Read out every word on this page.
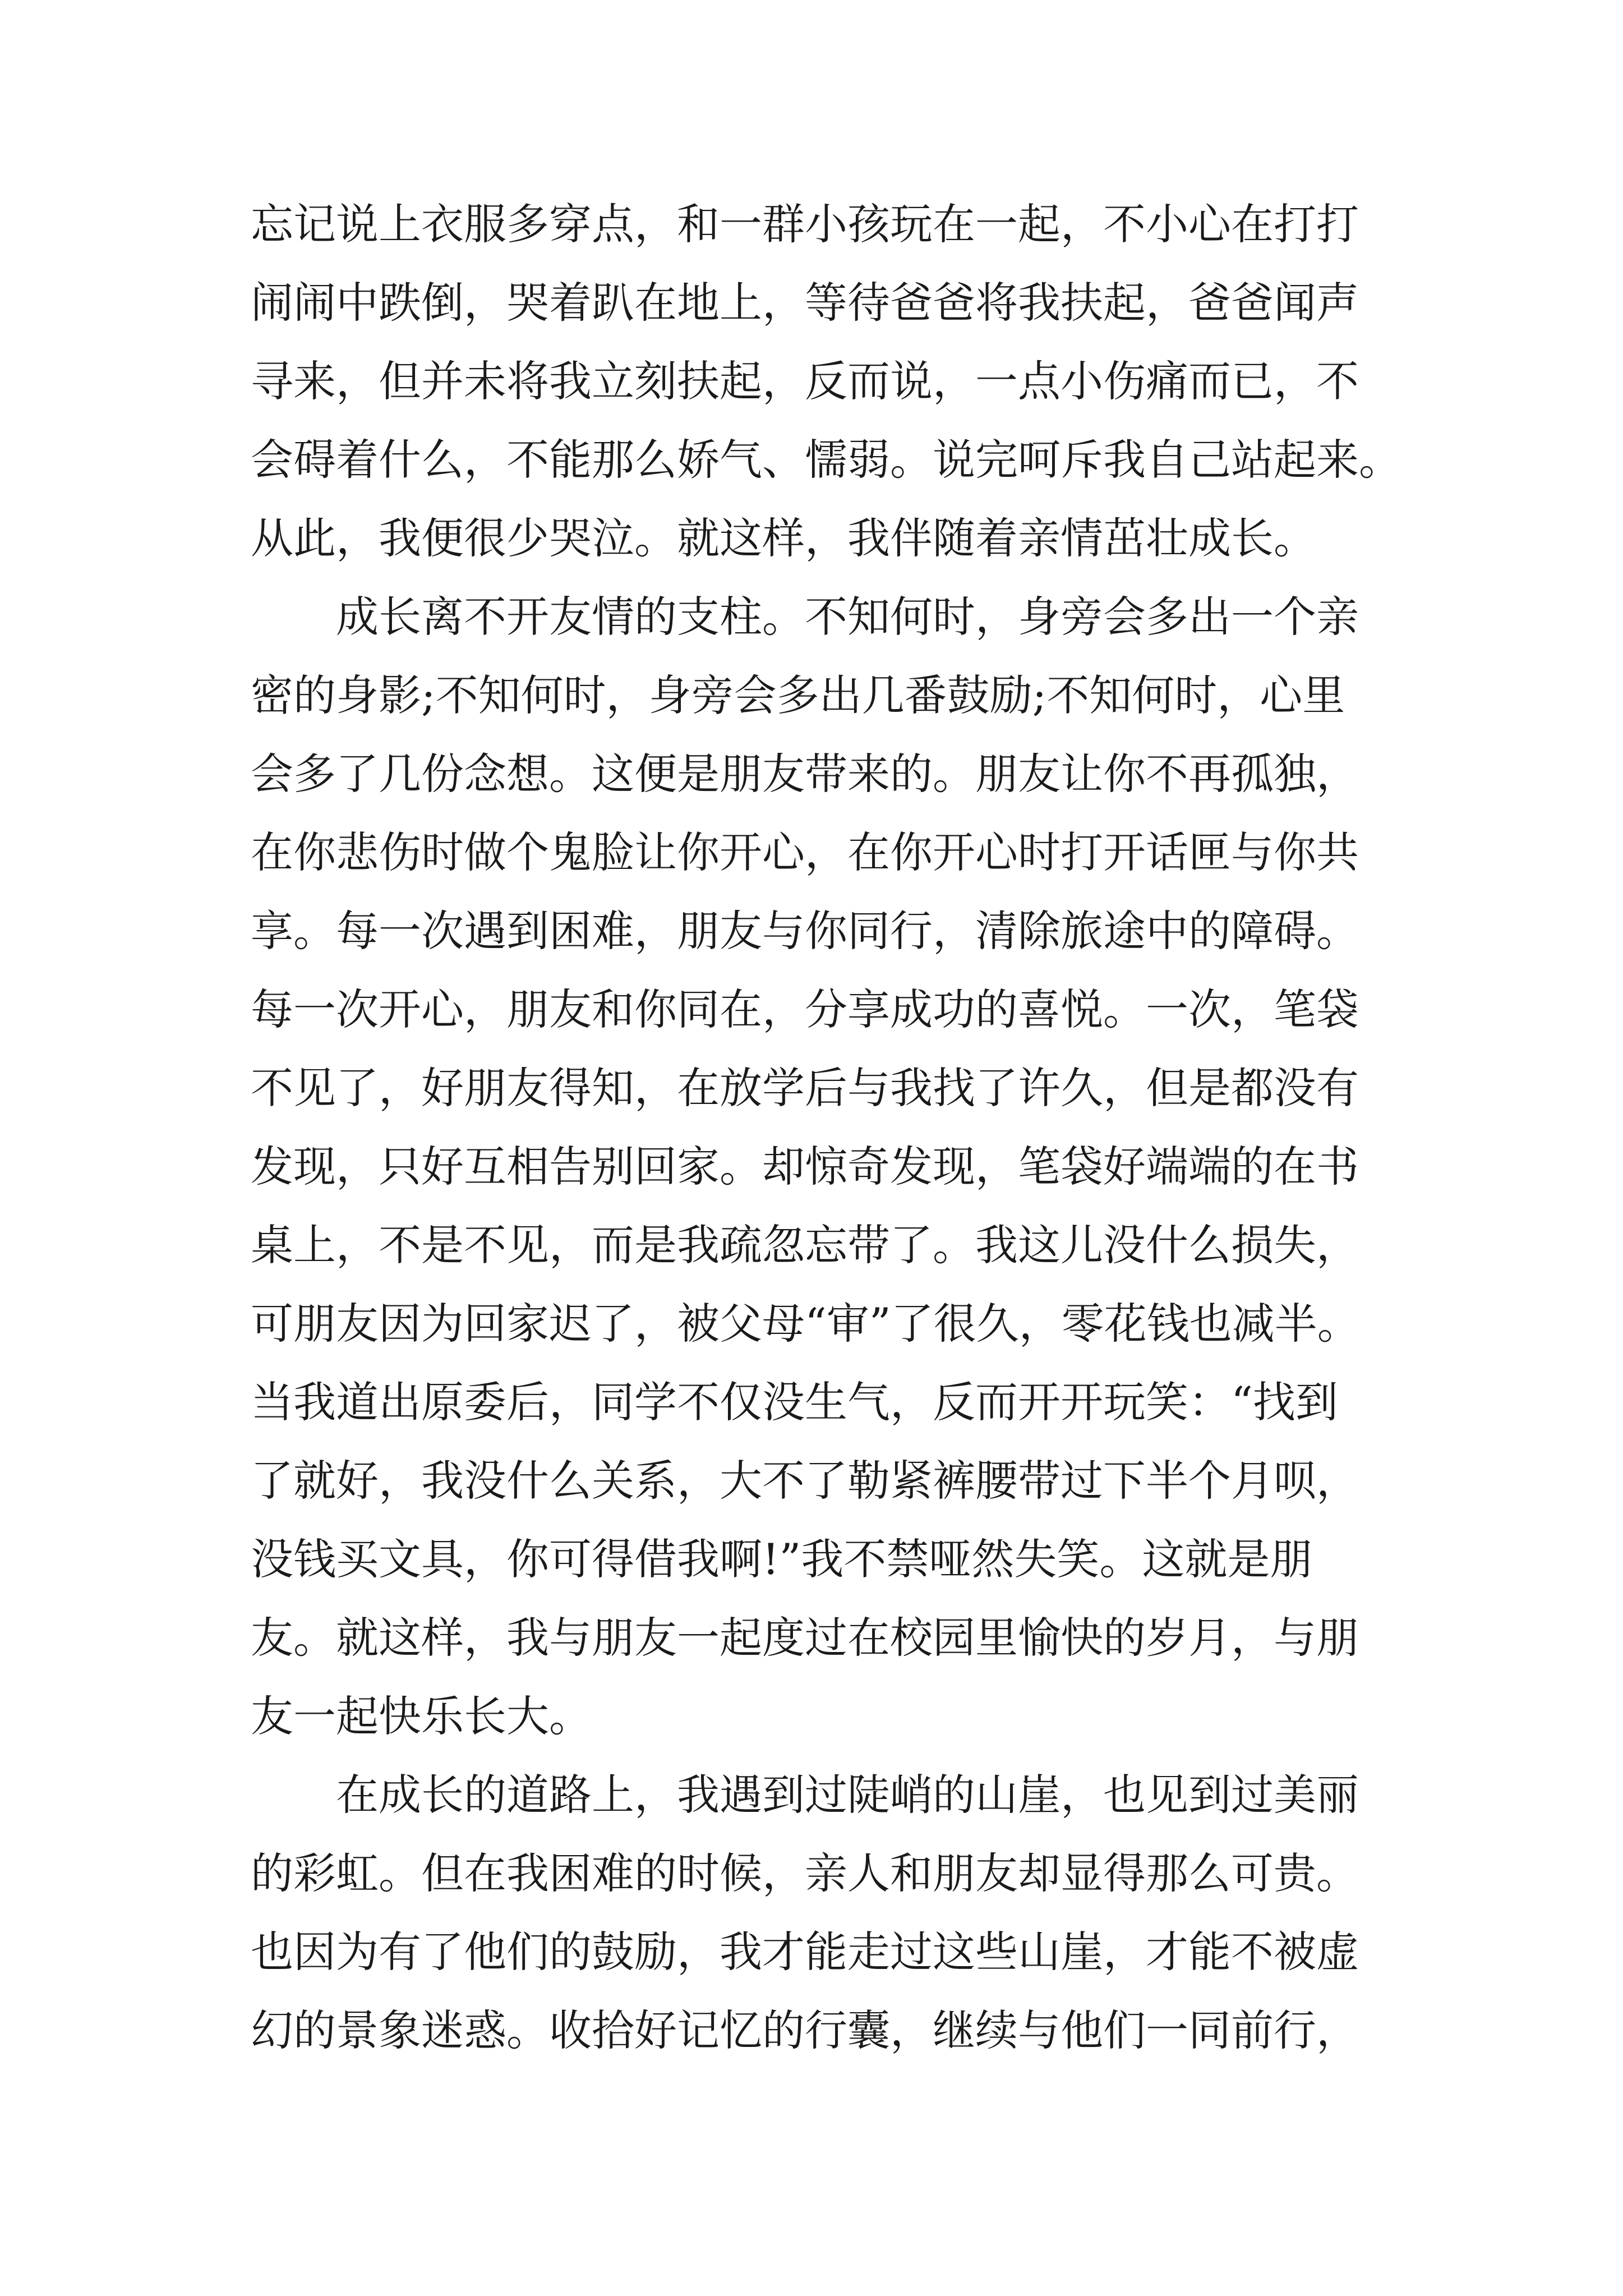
忘记说上衣服多穿点，和一群小孩玩在一起，不小心在打打
闹闹中跌倒，哭着趴在地上，等待爸爸将我扶起，爸爸闻声
寻来，但并未将我立刻扶起，反而说，一点小伤痛而已，不
会碍着什么，不能那么娇气、懦弱。说完呵斥我自己站起来。
从此，我便很少哭泣。就这样，我伴随着亲情茁壮成长。
成长离不开友情的支柱。不知何时，身旁会多出一个亲
密的身影;不知何时，身旁会多出几番鼓励;不知何时，心里
会多了几份念想。这便是朋友带来的。朋友让你不再孤独，
在你悲伤时做个鬼脸让你开心，在你开心时打开话匣与你共
享。每一次遇到困难，朋友与你同行，清除旅途中的障碍。
每一次开心，朋友和你同在，分享成功的喜悦。一次，笔袋
不见了，好朋友得知，在放学后与我找了许久，但是都没有
发现，只好互相告别回家。却惊奇发现，笔袋好端端的在书
桌上，不是不见，而是我疏忽忘带了。我这儿没什么损失，
可朋友因为回家迟了，被父母“审”了很久，零花钱也减半。
当我道出原委后，同学不仅没生气，反而开开玩笑：“找到
了就好，我没什么关系，大不了勒紧裤腰带过下半个月呗，
没钱买文具，你可得借我啊!”我不禁哑然失笑。这就是朋
友。就这样，我与朋友一起度过在校园里愉快的岁月，与朋
友一起快乐长大。
在成长的道路上，我遇到过陡峭的山崖，也见到过美丽
的彩虹。但在我困难的时候，亲人和朋友却显得那么可贵。
也因为有了他们的鼓励，我才能走过这些山崖，才能不被虚
幻的景象迷惑。收拾好记忆的行囊，继续与他们一同前行，
